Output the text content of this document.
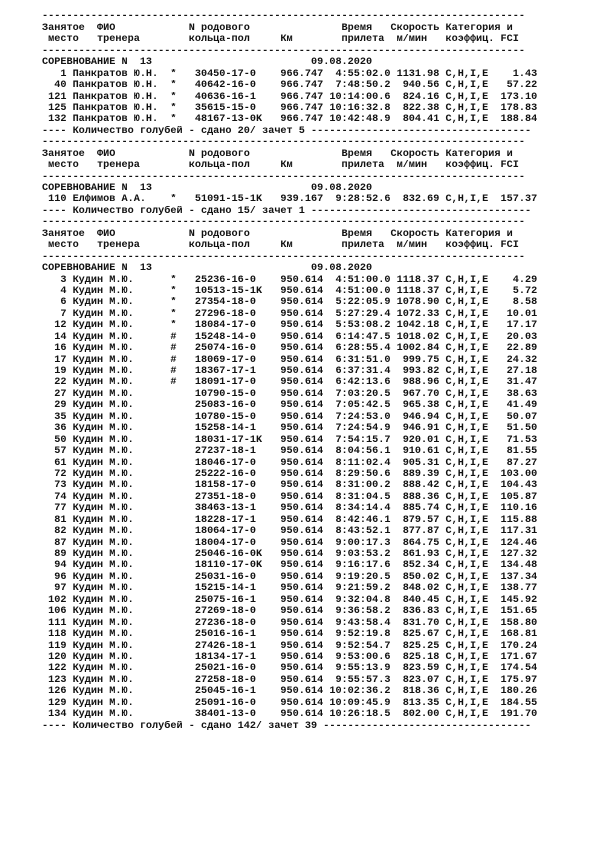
-------------------------------------------------------------------------------
Занятое  ФИО            N родового               Время   Скорость Категория и
место   тренера        кольца-пол     Км        прилета  м/мин   коэффиц. FCI
-------------------------------------------------------------------------------
СОРЕВНОВАНИЕ N  13                          09.08.2020
1 Панкратов Ю.Н.  *   30450-17-0    966.747  4:55:02.0 1131.98 C,H,I,E    1.43
40 Панкратов Ю.Н.  *   40642-16-0    966.747  7:48:50.2  940.56 C,H,I,E   57.22
121 Панкратов Ю.Н.  *   40636-16-1    966.747 10:14:00.6  824.16 C,H,I,E  173.10
125 Панкратов Ю.Н.  *   35615-15-0    966.747 10:16:32.8  822.38 C,H,I,E  178.83
132 Панкратов Ю.Н.  *   48167-13-0K   966.747 10:42:48.9  804.41 C,H,I,E  188.84
---- Количество голубей - сдано 20/ зачет 5 ------------------------------------
-------------------------------------------------------------------------------
Занятое  ФИО            N родового               Время   Скорость Категория и
место   тренера        кольца-пол     Км        прилета  м/мин   коэффиц. FCI
-------------------------------------------------------------------------------
СОРЕВНОВАНИЕ N  13                          09.08.2020
110 Елфимов А.А.    *   51091-15-1K   939.167  9:28:52.6  832.69 C,H,I,E  157.37
---- Количество голубей - сдано 15/ зачет 1 ------------------------------------
-------------------------------------------------------------------------------
Занятое  ФИО            N родового               Время   Скорость Категория и
место   тренера        кольца-пол     Км        прилета  м/мин   коэффиц. FCI
-------------------------------------------------------------------------------
СОРЕВНОВАНИЕ N  13                          09.08.2020
3 Кудин М.Ю.      *   25236-16-0    950.614  4:51:00.0 1118.37 C,H,I,E    4.29
4 Кудин М.Ю.      *   10513-15-1K   950.614  4:51:00.0 1118.37 C,H,I,E    5.72
6 Кудин М.Ю.      *   27354-18-0    950.614  5:22:05.9 1078.90 C,H,I,E    8.58
7 Кудин М.Ю.      *   27296-18-0    950.614  5:27:29.4 1072.33 C,H,I,E   10.01
12 Кудин М.Ю.      *   18084-17-0    950.614  5:53:08.2 1042.18 C,H,I,E   17.17
14 Кудин М.Ю.      #   15248-14-0    950.614  6:14:47.5 1018.02 C,H,I,E   20.03
16 Кудин М.Ю.      #   25074-16-0    950.614  6:28:55.4 1002.84 C,H,I,E   22.89
17 Кудин М.Ю.      #   18069-17-0    950.614  6:31:51.0  999.75 C,H,I,E   24.32
19 Кудин М.Ю.      #   18367-17-1    950.614  6:37:31.4  993.82 C,H,I,E   27.18
22 Кудин М.Ю.      #   18091-17-0    950.614  6:42:13.6  988.96 C,H,I,E   31.47
27 Кудин М.Ю.          10790-15-0    950.614  7:03:20.5  967.70 C,H,I,E   38.63
29 Кудин М.Ю.          25083-16-0    950.614  7:05:42.5  965.38 C,H,I,E   41.49
35 Кудин М.Ю.          10780-15-0    950.614  7:24:53.0  946.94 C,H,I,E   50.07
36 Кудин М.Ю.          15258-14-1    950.614  7:24:54.9  946.91 C,H,I,E   51.50
50 Кудин М.Ю.          18031-17-1K   950.614  7:54:15.7  920.01 C,H,I,E   71.53
57 Кудин М.Ю.          27237-18-1    950.614  8:04:56.1  910.61 C,H,I,E   81.55
61 Кудин М.Ю.          18046-17-0    950.614  8:11:02.4  905.31 C,H,I,E   87.27
72 Кудин М.Ю.          25222-16-0    950.614  8:29:50.6  889.39 C,H,I,E  103.00
73 Кудин М.Ю.          18158-17-0    950.614  8:31:00.2  888.42 C,H,I,E  104.43
74 Кудин М.Ю.          27351-18-0    950.614  8:31:04.5  888.36 C,H,I,E  105.87
77 Кудин М.Ю.          38463-13-1    950.614  8:34:14.4  885.74 C,H,I,E  110.16
81 Кудин М.Ю.          18228-17-1    950.614  8:42:46.1  879.57 C,H,I,E  115.88
82 Кудин М.Ю.          18064-17-0    950.614  8:43:52.1  877.87 C,H,I,E  117.31
87 Кудин М.Ю.          18004-17-0    950.614  9:00:17.3  864.75 C,H,I,E  124.46
89 Кудин М.Ю.          25046-16-0K   950.614  9:03:53.2  861.93 C,H,I,E  127.32
94 Кудин М.Ю.          18110-17-0K   950.614  9:16:17.6  852.34 C,H,I,E  134.48
96 Кудин М.Ю.          25031-16-0    950.614  9:19:20.5  850.02 C,H,I,E  137.34
97 Кудин М.Ю.          15215-14-1    950.614  9:21:59.2  848.02 C,H,I,E  138.77
102 Кудин М.Ю.          25075-16-1    950.614  9:32:04.8  840.45 C,H,I,E  145.92
106 Кудин М.Ю.          27269-18-0    950.614  9:36:58.2  836.83 C,H,I,E  151.65
111 Кудин М.Ю.          27236-18-0    950.614  9:43:58.4  831.70 C,H,I,E  158.80
118 Кудин М.Ю.          25016-16-1    950.614  9:52:19.8  825.67 C,H,I,E  168.81
119 Кудин М.Ю.          27426-18-1    950.614  9:52:54.7  825.25 C,H,I,E  170.24
120 Кудин М.Ю.          18134-17-1    950.614  9:53:00.6  825.18 C,H,I,E  171.67
122 Кудин М.Ю.          25021-16-0    950.614  9:55:13.9  823.59 C,H,I,E  174.54
123 Кудин М.Ю.          27258-18-0    950.614  9:55:57.3  823.07 C,H,I,E  175.97
126 Кудин М.Ю.          25045-16-1    950.614 10:02:36.2  818.36 C,H,I,E  180.26
129 Кудин М.Ю.          25091-16-0    950.614 10:09:45.9  813.35 C,H,I,E  184.55
134 Кудин М.Ю.          38401-13-0    950.614 10:26:18.5  802.00 C,H,I,E  191.70
---- Количество голубей - сдано 142/ зачет 39 ----------------------------------
